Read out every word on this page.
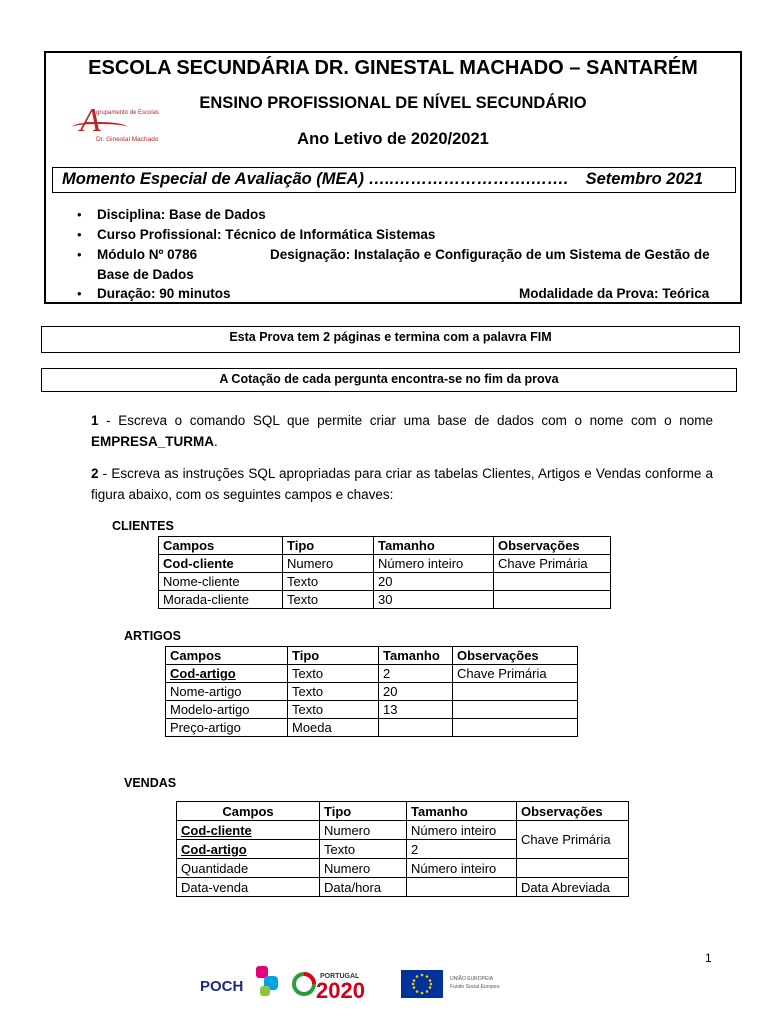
ESCOLA SECUNDÁRIA DR. GINESTAL MACHADO – SANTARÉM
ENSINO PROFISSIONAL DE NÍVEL SECUNDÁRIO
Ano Letivo de 2020/2021
A
grupamento de Escolas
Dr. Ginestal Machado
Momento Especial de Avaliação (MEA) …..…………………….……. Setembro 2021
• Disciplina: Base de Dados
• Curso Profissional: Técnico de Informática Sistemas
• Módulo Nº 0786	Designação: Instalação e Configuração de um Sistema de Gestão de
Base de Dados
• Duração: 90 minutos	Modalidade da Prova: Teórica
Esta Prova tem 2 páginas e termina com a palavra FIM
A Cotação de cada pergunta encontra-se no fim da prova
1 - Escreva o comando SQL que permite criar uma base de dados com o nome com o nome EMPRESA_TURMA.
2 - Escreva as instruções SQL apropriadas para criar as tabelas Clientes, Artigos e Vendas conforme a figura abaixo, com os seguintes campos e chaves:
CLIENTES
Campos	Tipo	Tamanho	Observações
Cod-cliente	Numero	Número inteiro	Chave Primária
Nome-cliente	Texto	20	
Morada-cliente	Texto	30	
ARTIGOS
Campos	Tipo	Tamanho	Observações
Cod-artigo	Texto	2	Chave Primária
Nome-artigo	Texto	20	
Modelo-artigo	Texto	13	
Preço-artigo	Moeda		
VENDAS
Campos	Tipo	Tamanho	Observações
Cod-cliente	Numero	Número inteiro	Chave Primária
Cod-artigo	Texto	2	
Quantidade	Numero	Número inteiro	
Data-venda	Data/hora		Data Abreviada
1
POCH
PORTUGAL
2020	UNIÃO EUROPEIA
Fundo Social Europeu
